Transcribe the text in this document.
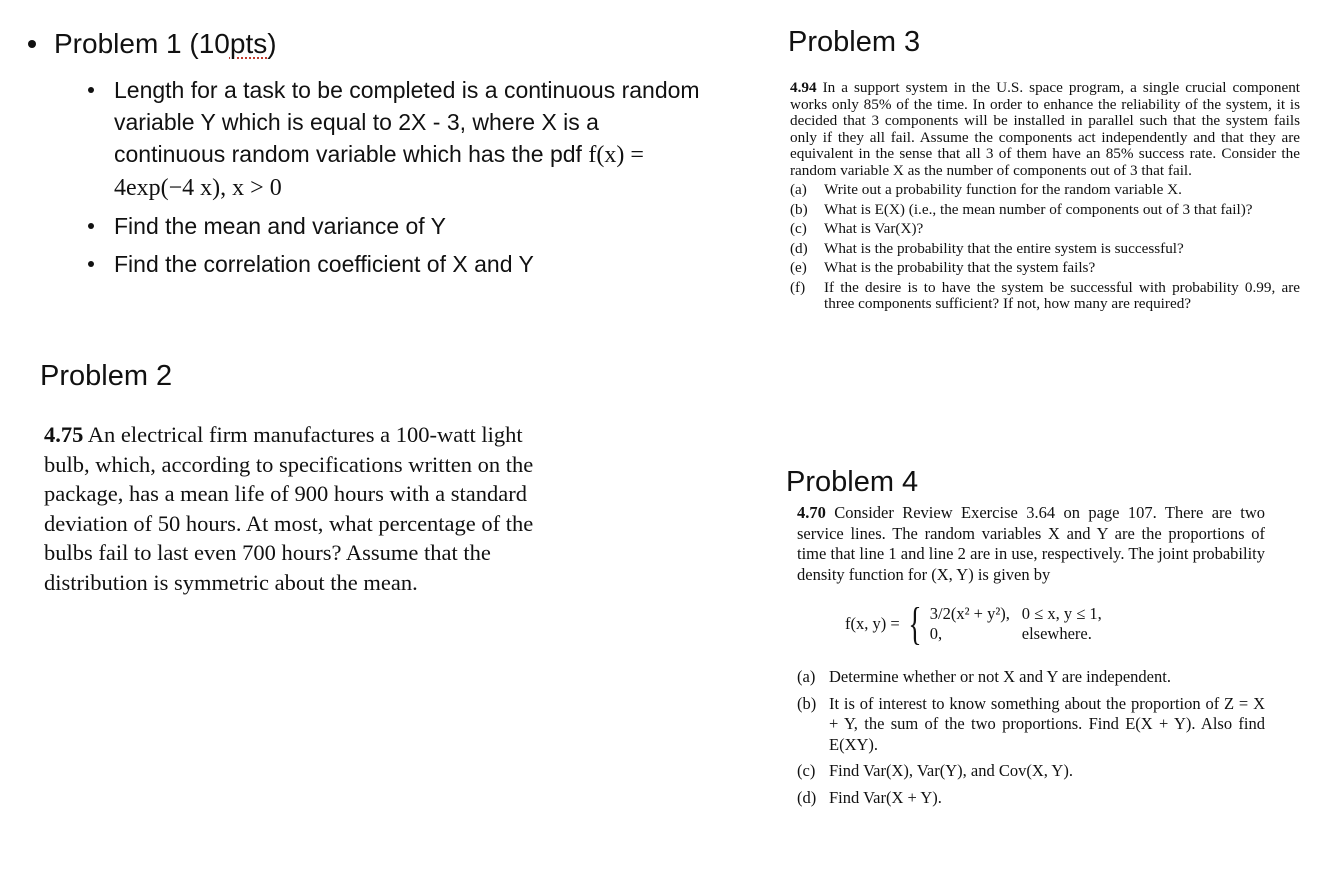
Problem 1 (10 pts )
Length for a task to be completed is a continuous random variable Y which is equal to 2X - 3, where X is a continuous random variable which has the pdf f(x) = 4exp(−4 x), x > 0
Find the mean and variance of Y
Find the correlation coefficient of X and Y
Problem 2
4.75 An electrical firm manufactures a 100-watt light bulb, which, according to specifications written on the package, has a mean life of 900 hours with a standard deviation of 50 hours. At most, what percentage of the bulbs fail to last even 700 hours? Assume that the distribution is symmetric about the mean.
Problem 3
4.94 In a support system in the U.S. space program, a single crucial component works only 85% of the time. In order to enhance the reliability of the system, it is decided that 3 components will be installed in parallel such that the system fails only if they all fail. Assume the components act independently and that they are equivalent in the sense that all 3 of them have an 85% success rate. Consider the random variable X as the number of components out of 3 that fail.
(a)	Write out a probability function for the random variable X.
(b)	What is E(X) (i.e., the mean number of components out of 3 that fail)?
(c)	What is Var(X)?
(d)	What is the probability that the entire system is successful?
(e)	What is the probability that the system fails?
(f)	If the desire is to have the system be successful with probability 0.99, are three components sufficient? If not, how many are required?
Problem 4
4.70 Consider Review Exercise 3.64 on page 107. There are two service lines. The random variables X and Y are the proportions of time that line 1 and line 2 are in use, respectively. The joint probability density function for (X, Y) is given by
f(x, y) = { 3/2(x² + y²), 0 ≤ x, y ≤ 1,
0,	elsewhere.
(a) Determine whether or not X and Y are independent.
(b) It is of interest to know something about the proportion of Z = X + Y, the sum of the two proportions. Find E(X + Y). Also find E(XY).
(c) Find Var(X), Var(Y), and Cov(X, Y).
(d) Find Var(X + Y).
